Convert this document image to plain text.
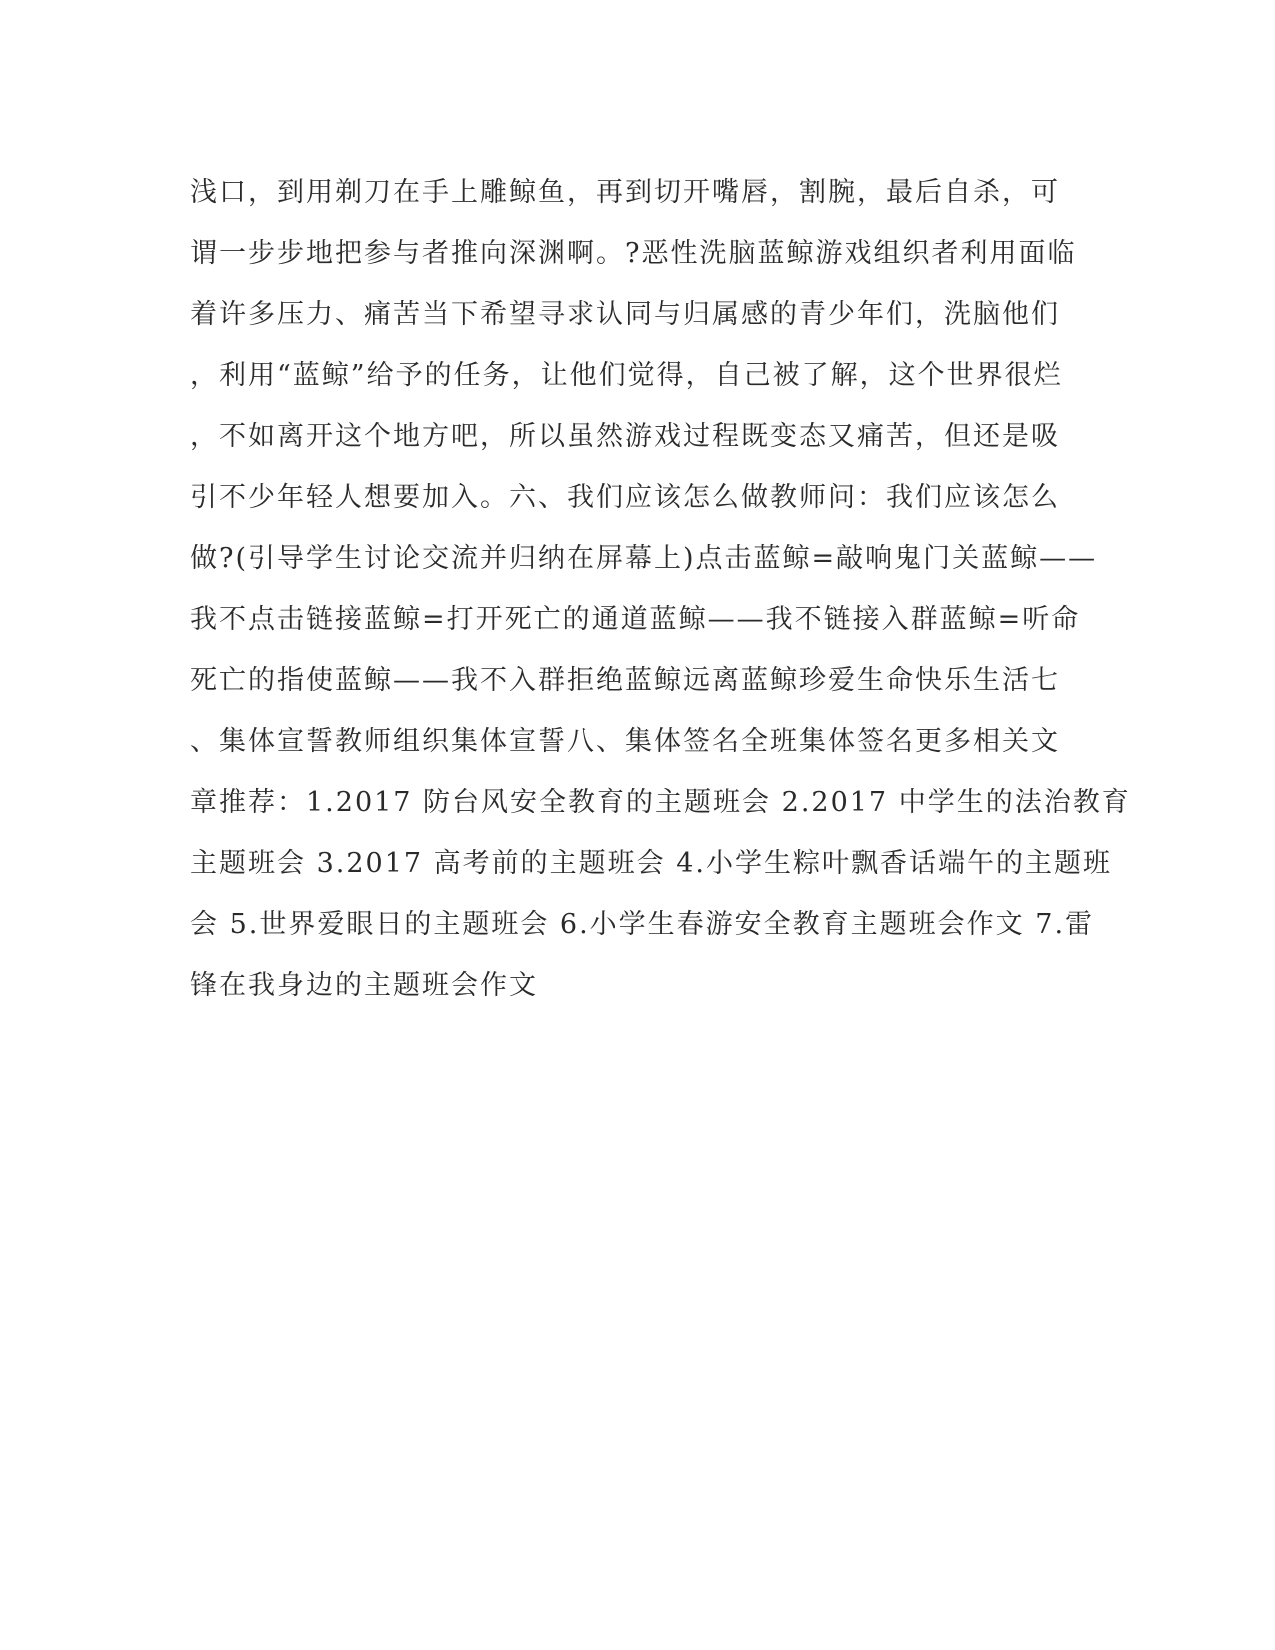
浅口，到用剃刀在手上雕鲸鱼，再到切开嘴唇，割腕，最后自杀，可
谓一步步地把参与者推向深渊啊。?恶性洗脑蓝鲸游戏组织者利用面临
着许多压力、痛苦当下希望寻求认同与归属感的青少年们，洗脑他们
，利用“蓝鲸”给予的任务，让他们觉得，自己被了解，这个世界很烂
，不如离开这个地方吧，所以虽然游戏过程既变态又痛苦，但还是吸
引不少年轻人想要加入。六、我们应该怎么做教师问：我们应该怎么
做?(引导学生讨论交流并归纳在屏幕上)点击蓝鲸=敲响鬼门关蓝鲸——
我不点击链接蓝鲸=打开死亡的通道蓝鲸——我不链接入群蓝鲸=听命
死亡的指使蓝鲸——我不入群拒绝蓝鲸远离蓝鲸珍爱生命快乐生活七
、集体宣誓教师组织集体宣誓八、集体签名全班集体签名更多相关文
章推荐：1.2017 防台风安全教育的主题班会 2.2017 中学生的法治教育
主题班会 3.2017 高考前的主题班会 4.小学生粽叶飘香话端午的主题班
会 5.世界爱眼日的主题班会 6.小学生春游安全教育主题班会作文 7.雷
锋在我身边的主题班会作文
